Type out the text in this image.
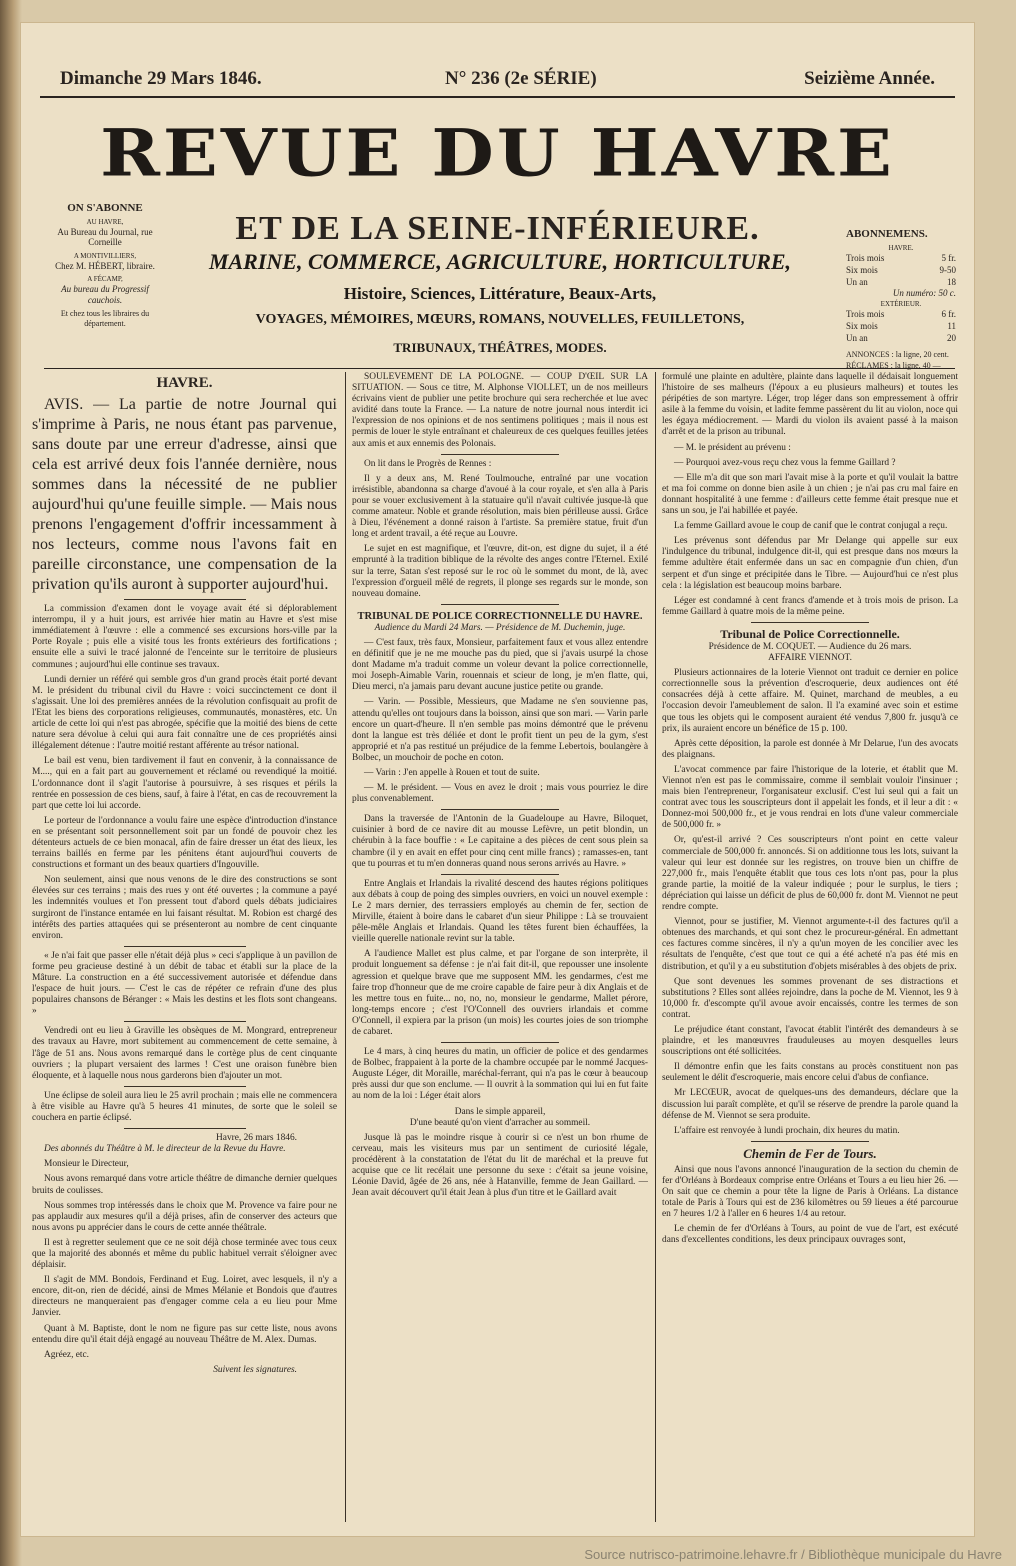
Dimanche 29 Mars 1846.	N° 236 (2e SÉRIE)	Seizième Année.
REVUE DU HAVRE
ET DE LA SEINE-INFÉRIEURE.
MARINE, COMMERCE, AGRICULTURE, HORTICULTURE,
Histoire, Sciences, Littérature, Beaux-Arts,
VOYAGES, MÉMOIRES, MŒURS, ROMANS, NOUVELLES, FEUILLETONS,
TRIBUNAUX, THÉÂTRES, MODES.
ON S'ABONNE
AU HAVRE,
Au Bureau du Journal, rue Corneille
A MONTIVILLIERS,
Chez M. HÉBERT, libraire.
A FÉCAMP,
Au bureau du Progressif cauchois.
Et chez tous les libraires du département.
ABONNEMENS.
HAVRE.
Trois mois	5 fr.
Six mois	9-50
Un an	18
Un numéro: 50 c.
EXTÉRIEUR.
Trois mois	6 fr.
Six mois	11
Un an	20
ANNONCES : la ligne, 20 cent.
RÉCLAMES : la ligne, 40 —
HAVRE.

AVIS. — La partie de notre Journal qui s'imprime à Paris, ne nous étant pas parvenue, sans doute par une erreur d'adresse, ainsi que cela est arrivé deux fois l'année dernière, nous sommes dans la nécessité de ne publier aujourd'hui qu'une feuille simple. — Mais nous prenons l'engagement d'offrir incessamment à nos lecteurs, comme nous l'avons fait en pareille circonstance, une compensation de la privation qu'ils auront à supporter aujourd'hui.

La commission d'examen dont le voyage avait été si déplorablement interrompu, il y a huit jours, est arrivée hier matin au Havre et s'est mise immédiatement à l'œuvre : elle a commencé ses excursions hors-ville par la Porte Royale ; puis elle a visité tous les fronts extérieurs des fortifications ; ensuite elle a suivi le tracé jalonné de l'enceinte sur le territoire de plusieurs communes ; aujourd'hui elle continue ses travaux.

Lundi dernier un référé qui semble gros d'un grand procès était porté devant M. le président du tribunal civil du Havre : voici succinctement ce dont il s'agissait. Une loi des premières années de la révolution confisquait au profit de l'Etat les biens des corporations religieuses, communautés, monastères, etc. Un article de cette loi qui n'est pas abrogée, spécifie que la moitié des biens de cette nature sera dévolue à celui qui aura fait connaître une de ces propriétés ainsi illégalement détenue : l'autre moitié restant afférente au trésor national.

Le bail est venu, bien tardivement il faut en convenir, à la connaissance de M...., qui en a fait part au gouvernement et réclamé ou revendiqué la moitié. L'ordonnance dont il s'agit l'autorise à poursuivre, à ses risques et périls la rentrée en possession de ces biens, sauf, à faire à l'état, en cas de recouvrement la part que cette loi lui accorde.

Le porteur de l'ordonnance a voulu faire une espèce d'introduction d'instance en se présentant soit personnellement soit par un fondé de pouvoir chez les détenteurs actuels de ce bien monacal, afin de faire dresser un état des lieux, les terrains baillés en ferme par les pénitens étant aujourd'hui couverts de constructions et formant un des beaux quartiers d'Ingouville.

Non seulement, ainsi que nous venons de le dire des constructions se sont élevées sur ces terrains ; mais des rues y ont été ouvertes ; la commune a payé les indemnités voulues et l'on pressent tout d'abord quels débats judiciaires surgiront de l'instance entamée en lui faisant résultat. M. Robion est chargé des intérêts des parties attaquées qui se présenteront au nombre de cent cinquante environ.

« Je n'ai fait que passer elle n'était déjà plus » ceci s'applique à un pavillon de forme peu gracieuse destiné à un débit de tabac et établi sur la place de la Mâture. La construction en a été successivement autorisée et défendue dans l'espace de huit jours. — C'est le cas de répéter ce refrain d'une des plus populaires chansons de Béranger : « Mais les destins et les flots sont changeans. »

Vendredi ont eu lieu à Graville les obsèques de M. Mongrard, entrepreneur des travaux au Havre, mort subitement au commencement de cette semaine, à l'âge de 51 ans. Nous avons remarqué dans le cortège plus de cent cinquante ouvriers ; la plupart versaient des larmes ! C'est une oraison funèbre bien éloquente, et à laquelle nous nous garderons bien d'ajouter un mot.

Une éclipse de soleil aura lieu le 25 avril prochain ; mais elle ne commencera à être visible au Havre qu'à 5 heures 41 minutes, de sorte que le soleil se couchera en partie éclipsé.

Havre, 26 mars 1846.

Des abonnés du Théâtre à M. le directeur de la Revue du Havre.

Monsieur le Directeur,

Nous avons remarqué dans votre article théâtre de dimanche dernier quelques bruits de coulisses.

Nous sommes trop intéressés dans le choix que M. Provence va faire pour ne pas applaudir aux mesures qu'il a déjà prises, afin de conserver des acteurs que nous avons pu apprécier dans le cours de cette année théâtrale.

Il est à regretter seulement que ce ne soit déjà chose terminée avec tous ceux que la majorité des abonnés et même du public habituel verrait s'éloigner avec déplaisir.

Il s'agit de MM. Bondois, Ferdinand et Eug. Loiret, avec lesquels, il n'y a encore, dit-on, rien de décidé, ainsi de Mmes Mélanie et Bondois que d'autres directeurs ne manqueraient pas d'engager comme cela a eu lieu pour Mme Janvier.

Quant à M. Baptiste, dont le nom ne figure pas sur cette liste, nous avons entendu dire qu'il était déjà engagé au nouveau Théâtre de M. Alex. Dumas.

Agréez, etc.

Suivent les signatures.

SOULÈVEMENT DE LA POLOGNE. — COUP D'ŒIL SUR LA SITUATION. — Sous ce titre, M. Alphonse VIOLLET, un de nos meilleurs écrivains vient de publier une petite brochure qui sera recherchée et lue avec avidité dans toute la France. — La nature de notre journal nous interdit ici l'expression de nos opinions et de nos sentimens politiques ; mais il nous est permis de louer le style entraînant et chaleureux de ces quelques feuilles jetées aux amis et aux ennemis des Polonais.

On lit dans le Progrès de Rennes :

Il y a deux ans, M. René Toulmouche, entraîné par une vocation irrésistible, abandonna sa charge d'avoué à la cour royale, et s'en alla à Paris pour se vouer exclusivement à la statuaire qu'il n'avait cultivée jusque-là que comme amateur. Noble et grande résolution, mais bien périlleuse aussi. Grâce à Dieu, l'événement a donné raison à l'artiste. Sa première statue, fruit d'un long et ardent travail, a été reçue au Louvre.

Le sujet en est magnifique, et l'œuvre, dit-on, est digne du sujet, il a été emprunté à la tradition biblique de la révolte des anges contre l'Eternel. Exilé sur la terre, Satan s'est reposé sur le roc où le sommet du mont, de là, avec l'expression d'orgueil mêlé de regrets, il plonge ses regards sur le monde, son nouveau domaine.

TRIBUNAL DE POLICE CORRECTIONNELLE DU HAVRE.
Audience du Mardi 24 Mars. — Présidence de M. Duchemin, juge.

— C'est faux, très faux, Monsieur, parfaitement faux et vous allez entendre en définitif que je ne me mouche pas du pied, que si j'avais usurpé la chose dont Madame m'a traduit comme un voleur devant la police correctionnelle, moi Joseph-Aimable Varin, rouennais et scieur de long, je m'en flatte, qui, Dieu merci, n'a jamais paru devant aucune justice petite ou grande.

— Varin. — Possible, Messieurs, que Madame ne s'en souvienne pas, attendu qu'elles ont toujours dans la boisson, ainsi que son mari. — Varin parle encore un quart-d'heure. Il n'en semble pas moins démontré que le prévenu dont la langue est très déliée et dont le profit tient un peu de la gym, s'est approprié et n'a pas restitué un préjudice de la femme Lebertois, boulangère à Bolbec, un mouchoir de poche en coton.

— Varin : J'en appelle à Rouen et tout de suite.

— M. le président. — Vous en avez le droit ; mais vous pourriez le dire plus convenablement.

Dans la traversée de l'Antonin de la Guadeloupe au Havre, Biloquet, cuisinier à bord de ce navire dit au mousse Lefèvre, un petit blondin, un chérubin à la face bouffie : « Le capitaine a des pièces de cent sous plein sa chambre (il y en avait en effet pour cinq cent mille francs) ; ramasses-en, tant que tu pourras et tu m'en donneras quand nous serons arrivés au Havre. »

Entre Anglais et Irlandais la rivalité descend des hautes régions politiques aux débats à coup de poing des simples ouvriers, en voici un nouvel exemple : Le 2 mars dernier, des terrassiers employés au chemin de fer, section de Mirville, étaient à boire dans le cabaret d'un sieur Philippe : Là se trouvaient pêle-mêle Anglais et Irlandais. Quand les têtes furent bien échauffées, la vieille querelle nationale revint sur la table.

A l'audience Mallet est plus calme, et par l'organe de son interprète, il produit longuement sa défense : je n'ai fait dit-il, que repousser une insolente agression et quelque brave que me supposent MM. les gendarmes, c'est me faire trop d'honneur que de me croire capable de faire peur à dix Anglais et de les mettre tous en fuite... no, no, no, monsieur le gendarme, Mallet pérore, long-temps encore ; c'est l'O'Connell des ouvriers irlandais et comme O'Connell, il expiera par la prison (un mois) les courtes joies de son triomphe de cabaret.

Le 4 mars, à cinq heures du matin, un officier de police et des gendarmes de Bolbec, frappaient à la porte de la chambre occupée par le nommé Jacques-Auguste Léger, dit Moraille, maréchal-ferrant, qui n'a pas le cœur à beaucoup près aussi dur que son enclume. — Il ouvrit à la sommation qui lui en fut faite au nom de la loi : Léger était alors

Dans le simple appareil,
D'une beauté qu'on vient d'arracher au sommeil.

Jusque là pas le moindre risque à courir si ce n'est un bon rhume de cerveau, mais les visiteurs mus par un sentiment de curiosité légale, procédèrent à la constatation de l'état du lit de maréchal et la preuve fut acquise que ce lit recélait une personne du sexe : c'était sa jeune voisine, Léonie David, âgée de 26 ans, née à Hatanville, femme de Jean Gaillard. — Jean avait découvert qu'il était Jean à plus d'un titre et le Gaillard avait

formulé une plainte en adultère, plainte dans laquelle il dédaisait longuement l'histoire de ses malheurs (l'époux a eu plusieurs malheurs) et toutes les péripéties de son martyre. Léger, trop léger dans son empressement à offrir asile à la femme du voisin, et ladite femme passèrent du lit au violon, noce qui les égaya médiocrement. — Mardi du violon ils avaient passé à la maison d'arrêt et de la prison au tribunal.

— M. le président au prévenu :

— Pourquoi avez-vous reçu chez vous la femme Gaillard ?

— Elle m'a dit que son mari l'avait mise à la porte et qu'il voulait la battre et ma foi comme on donne bien asile à un chien ; je n'ai pas cru mal faire en donnant hospitalité à une femme : d'ailleurs cette femme était presque nue et sans un sou, je l'ai habillée et payée.

La femme Gaillard avoue le coup de canif que le contrat conjugal a reçu.

Les prévenus sont défendus par Mr Delange qui appelle sur eux l'indulgence du tribunal, indulgence dit-il, qui est presque dans nos mœurs la femme adultère était enfermée dans un sac en compagnie d'un chien, d'un serpent et d'un singe et précipitée dans le Tibre. — Aujourd'hui ce n'est plus cela : la législation est beaucoup moins barbare.

Léger est condamné à cent francs d'amende et à trois mois de prison. La femme Gaillard à quatre mois de la même peine.

Tribunal de Police Correctionnelle.
Présidence de M. COQUET. — Audience du 26 mars.
AFFAIRE VIENNOT.

Plusieurs actionnaires de la loterie Viennot ont traduit ce dernier en police correctionnelle sous la prévention d'escroquerie, deux audiences ont été consacrées déjà à cette affaire. M. Quinet, marchand de meubles, a eu l'occasion devoir l'ameublement de salon. Il l'a examiné avec soin et estime que tous les objets qui le composent auraient été vendus 7,800 fr. jusqu'à ce prix, ils auraient encore un bénéfice de 15 p. 100.

Après cette déposition, la parole est donnée à Mr Delarue, l'un des avocats des plaignans.

L'avocat commence par faire l'historique de la loterie, et établit que M. Viennot n'en est pas le commissaire, comme il semblait vouloir l'insinuer ; mais bien l'entrepreneur, l'organisateur exclusif. C'est lui seul qui a fait un contrat avec tous les souscripteurs dont il appelait les fonds, et il leur a dit : « Donnez-moi 500,000 fr., et je vous rendrai en lots d'une valeur commerciale de 500,000 fr. »

Or, qu'est-il arrivé ? Ces souscripteurs n'ont point en cette valeur commerciale de 500,000 fr. annoncés. Si on additionne tous les lots, suivant la valeur qui leur est donnée sur les registres, on trouve bien un chiffre de 227,000 fr., mais l'enquête établit que tous ces lots n'ont pas, pour la plus grande partie, la moitié de la valeur indiquée ; pour le surplus, le tiers ; dépréciation qui laisse un déficit de plus de 60,000 fr. dont M. Viennot ne peut rendre compte.

Viennot, pour se justifier, M. Viennot argumente-t-il des factures qu'il a obtenues des marchands, et qui sont chez le procureur-général. En admettant ces factures comme sincères, il n'y a qu'un moyen de les concilier avec les résultats de l'enquête, c'est que tout ce qui a été acheté n'a pas été mis en distribution, et qu'il y a eu substitution d'objets misérables à des objets de prix.

Que sont devenues les sommes provenant de ses distractions et substitutions ? Elles sont allées rejoindre, dans la poche de M. Viennot, les 9 à 10,000 fr. d'escompte qu'il avoue avoir encaissés, contre les termes de son contrat.

Le préjudice étant constant, l'avocat établit l'intérêt des demandeurs à se plaindre, et les manœuvres frauduleuses au moyen desquelles leurs souscriptions ont été sollicitées.

Il démontre enfin que les faits constans au procès constituent non pas seulement le délit d'escroquerie, mais encore celui d'abus de confiance.

Mr LECŒUR, avocat de quelques-uns des demandeurs, déclare que la discussion lui paraît complète, et qu'il se réserve de prendre la parole quand la défense de M. Viennot se sera produite.

L'affaire est renvoyée à lundi prochain, dix heures du matin.

Chemin de Fer de Tours.

Ainsi que nous l'avons annoncé l'inauguration de la section du chemin de fer d'Orléans à Bordeaux comprise entre Orléans et Tours a eu lieu hier 26. — On sait que ce chemin a pour tête la ligne de Paris à Orléans. La distance totale de Paris à Tours qui est de 236 kilomètres ou 59 lieues a été parcourue en 7 heures 1/2 à l'aller en 6 heures 1/4 au retour.

Le chemin de fer d'Orléans à Tours, au point de vue de l'art, est exécuté dans d'excellentes conditions, les deux principaux ouvrages sont,

Source nutrisco-patrimoine.lehavre.fr / Bibliothèque municipale du Havre
